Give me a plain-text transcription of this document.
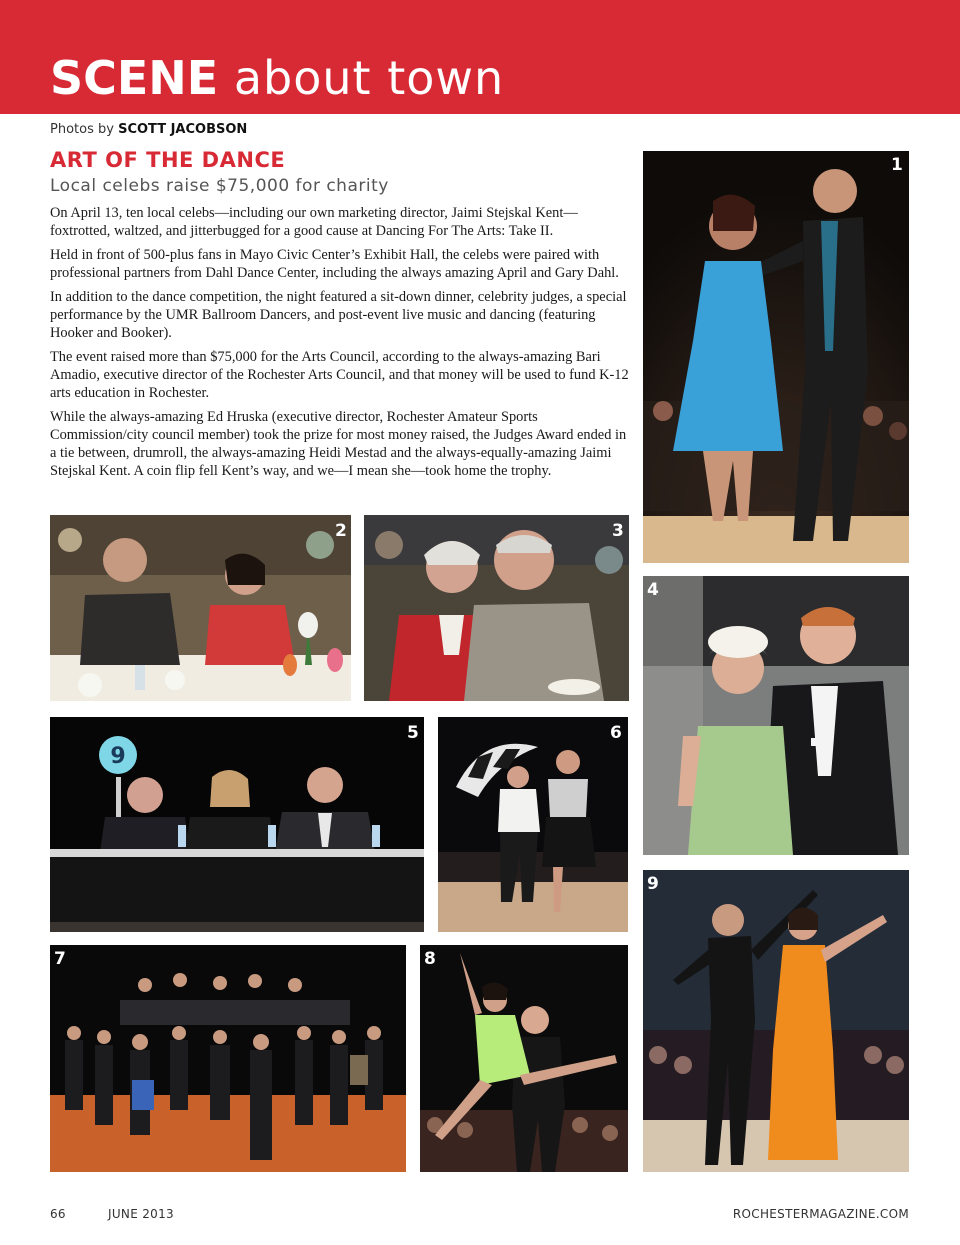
SCENE about town
Photos by SCOTT JACOBSON
ART OF THE DANCE
Local celebs raise $75,000 for charity

On April 13, ten local celebs—including our own marketing director, Jaimi Stejskal Kent—foxtrotted, waltzed, and jitterbugged for a good cause at Dancing For The Arts: Take II.

Held in front of 500-plus fans in Mayo Civic Center’s Exhibit Hall, the celebs were paired with professional partners from Dahl Dance Center, including the always amazing April and Gary Dahl.

In addition to the dance competition, the night featured a sit-down dinner, celebrity judges, a special performance by the UMR Ballroom Dancers, and post-event live music and dancing (featuring Hooker and Booker).

The event raised more than $75,000 for the Arts Council, according to the always-amazing Bari Amadio, executive director of the Rochester Arts Council, and that money will be used to fund K-12 arts education in Rochester.

While the always-amazing Ed Hruska (executive director, Rochester Amateur Sports Commission/city council member) took the prize for most money raised, the Judges Award ended in a tie between, drumroll, the always-amazing Heidi Mestad and the always-equally-amazing Jaimi Stejskal Kent. A coin flip fell Kent’s way, and we—I mean she—took home the trophy.

1
2	3
4
9
5	6
7	8
9
66	JUNE 2013	ROCHESTERMAGAZINE.COM
